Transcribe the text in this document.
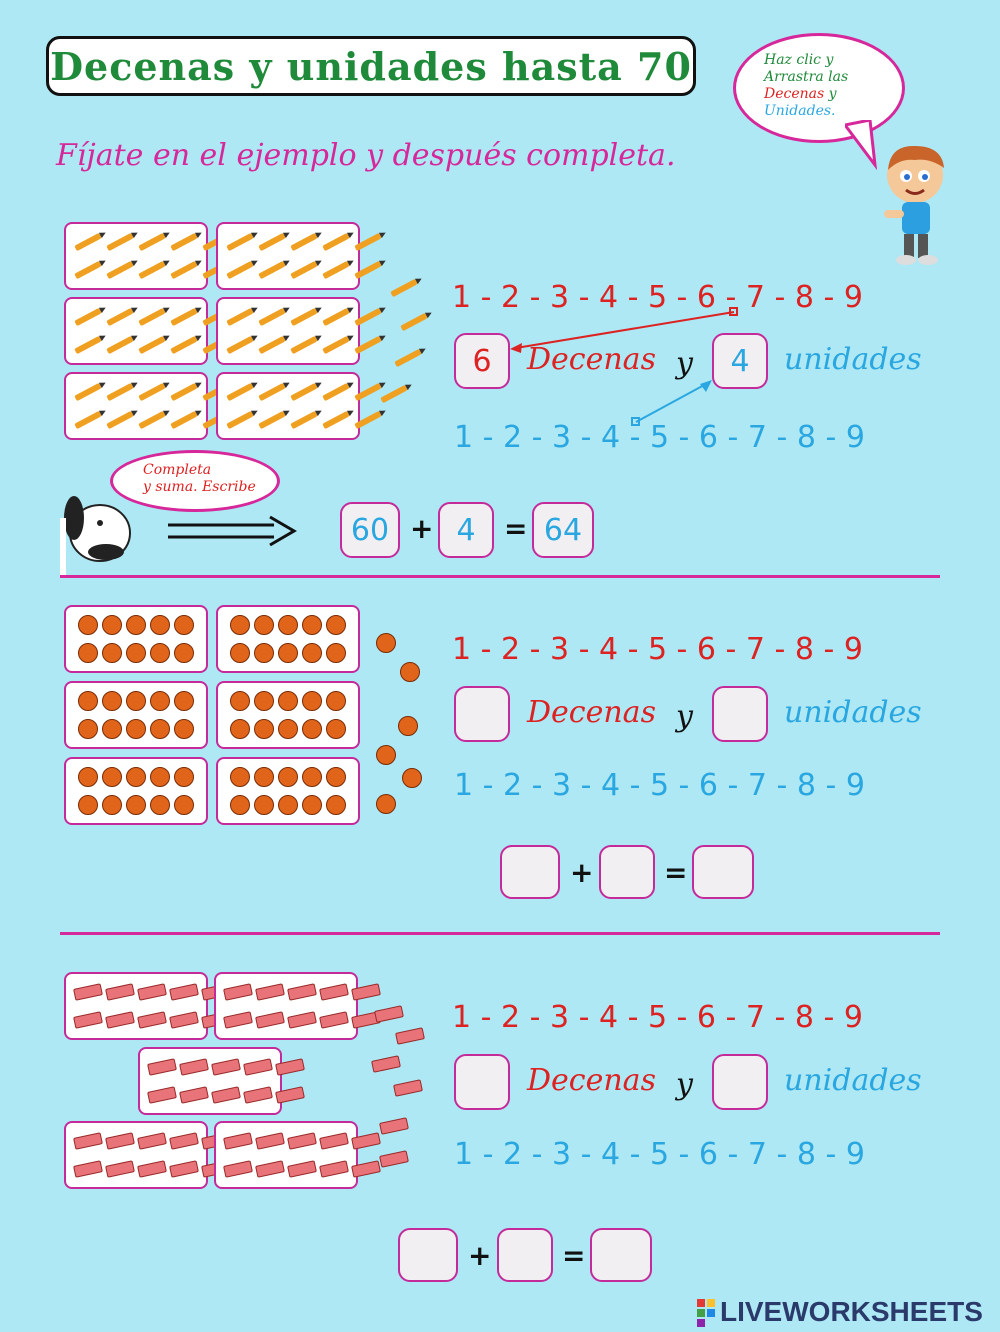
Decenas y unidades hasta 70
Fíjate en el ejemplo y después completa.
Haz clic y
Arrastra las
Decenas y
Unidades.
1 - 2 - 3 - 4 - 5 - 6 - 7 - 8 - 9
6 Decenas y 4 unidades
1 - 2 - 3 - 4 - 5 - 6 - 7 - 8 - 9
Completa
y suma. Escribe
60 + 4 = 64
1 - 2 - 3 - 4 - 5 - 6 - 7 - 8 - 9
Decenas y	unidades
1 - 2 - 3 - 4 - 5 - 6 - 7 - 8 - 9
+	=
1 - 2 - 3 - 4 - 5 - 6 - 7 - 8 - 9
Decenas y	unidades
1 - 2 - 3 - 4 - 5 - 6 - 7 - 8 - 9
+	=
LIVEWORKSHEETS
